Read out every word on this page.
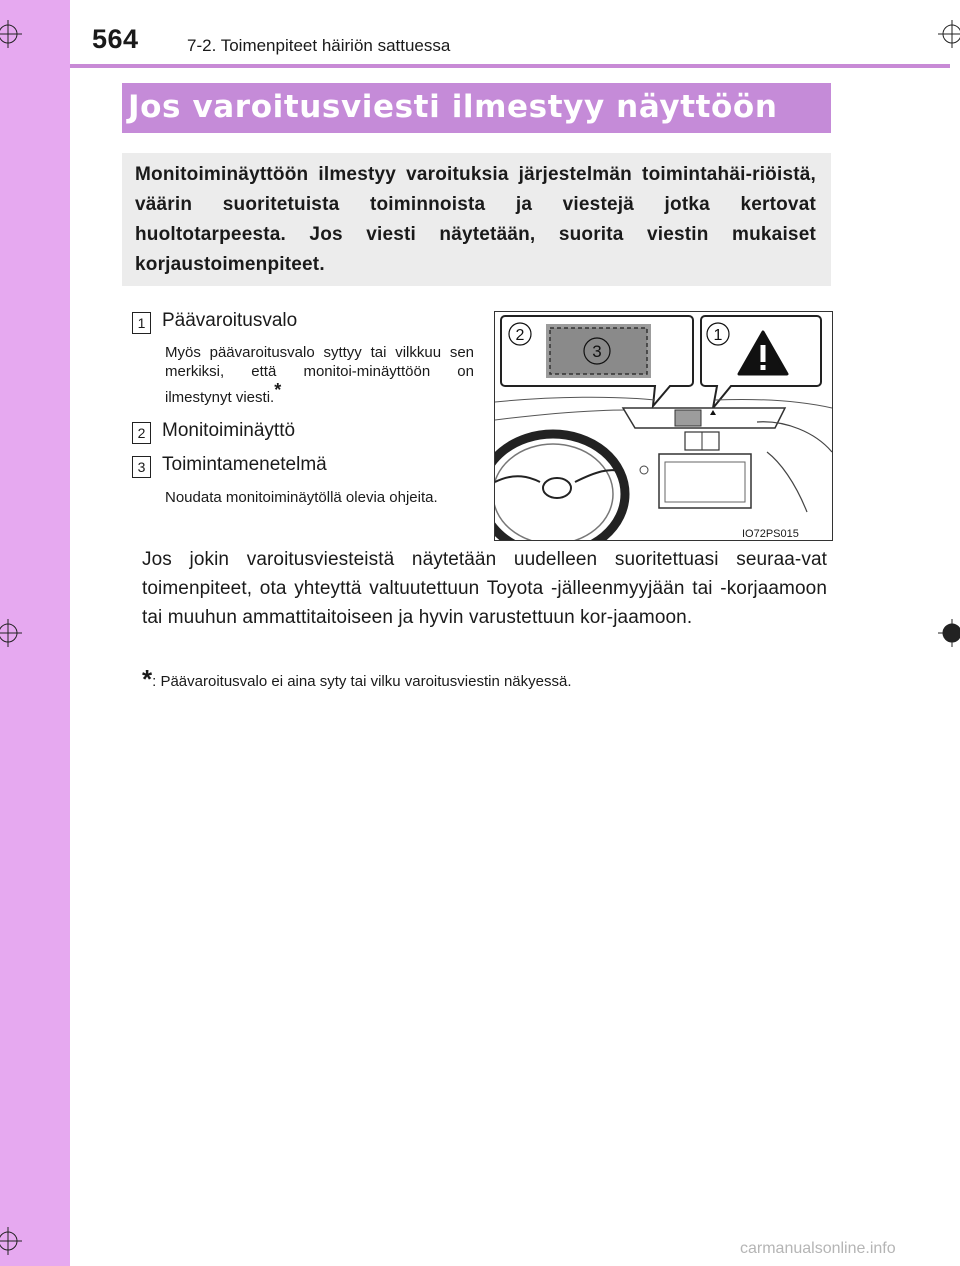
564	7-2. Toimenpiteet häiriön sattuessa
Jos varoitusviesti ilmestyy näyttöön
Monitoiminäyttöön ilmestyy varoituksia järjestelmän toimintahäi-riöistä, väärin suoritetuista toiminnoista ja viestejä jotka kertovat huoltotarpeesta. Jos viesti näytetään, suorita viestin mukaiset korjaustoimenpiteet.
1 Päävaroitusvalo
Myös päävaroitusvalo syttyy tai vilkkuu sen merkiksi, että monitoi-minäyttöön on ilmestynyt viesti.*
2 Monitoiminäyttö
3 Toimintamenetelmä
Noudata monitoiminäytöllä olevia ohjeita.
3
2	1
IO72PS015
Jos jokin varoitusviesteistä näytetään uudelleen suoritettuasi seuraa-vat toimenpiteet, ota yhteyttä valtuutettuun Toyota -jälleenmyyjään tai -korjaamoon tai muuhun ammattitaitoiseen ja hyvin varustettuun kor-jaamoon.
*: Päävaroitusvalo ei aina syty tai vilku varoitusviestin näkyessä.
carmanualsonline.info
